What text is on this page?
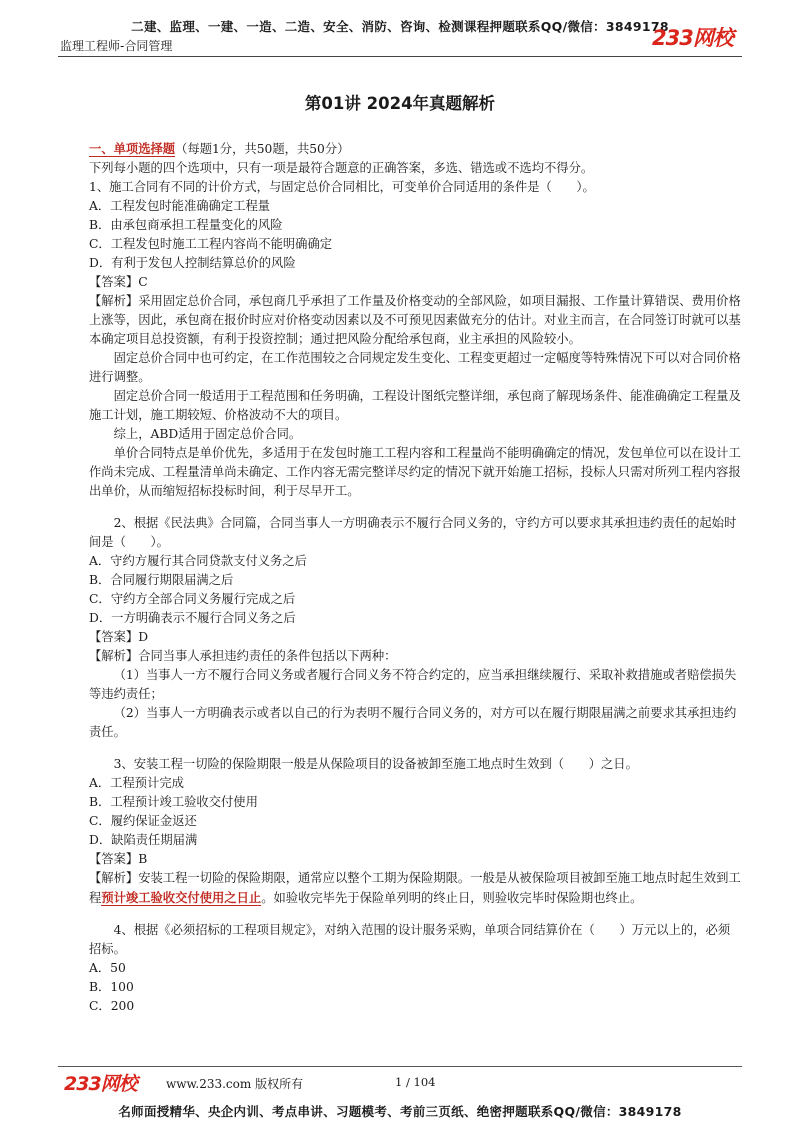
二建、监理、一建、一造、二造、安全、消防、咨询、检测课程押题联系QQ/微信：3849178
监理工程师-合同管理	233网校
第01讲 2024年真题解析

一、单项选择题（每题1分，共50题，共50分）

下列每小题的四个选项中，只有一项是最符合题意的正确答案，多选、错选或不选均不得分。

1、施工合同有不同的计价方式，与固定总价合同相比，可变单价合同适用的条件是（　　）。

A．工程发包时能准确确定工程量

B．由承包商承担工程量变化的风险

C．工程发包时施工工程内容尚不能明确确定

D．有利于发包人控制结算总价的风险

【答案】C

【解析】采用固定总价合同，承包商几乎承担了工作量及价格变动的全部风险，如项目漏报、工作量计算错误、费用价格上涨等，因此，承包商在报价时应对价格变动因素以及不可预见因素做充分的估计。对业主而言，在合同签订时就可以基本确定项目总投资额，有利于投资控制；通过把风险分配给承包商，业主承担的风险较小。

固定总价合同中也可约定，在工作范围较之合同规定发生变化、工程变更超过一定幅度等特殊情况下可以对合同价格进行调整。

固定总价合同一般适用于工程范围和任务明确，工程设计图纸完整详细，承包商了解现场条件、能准确确定工程量及施工计划，施工期较短、价格波动不大的项目。

综上，ABD适用于固定总价合同。

单价合同特点是单价优先，多适用于在发包时施工工程内容和工程量尚不能明确确定的情况，发包单位可以在设计工作尚未完成、工程量清单尚未确定、工作内容无需完整详尽约定的情况下就开始施工招标，投标人只需对所列工程内容报出单价，从而缩短招标投标时间，利于尽早开工。

2、根据《民法典》合同篇，合同当事人一方明确表示不履行合同义务的，守约方可以要求其承担违约责任的起始时间是（　　）。

A．守约方履行其合同贷款支付义务之后

B．合同履行期限届满之后

C．守约方全部合同义务履行完成之后

D．一方明确表示不履行合同义务之后

【答案】D

【解析】合同当事人承担违约责任的条件包括以下两种：

（1）当事人一方不履行合同义务或者履行合同义务不符合约定的，应当承担继续履行、采取补救措施或者赔偿损失等违约责任；

（2）当事人一方明确表示或者以自己的行为表明不履行合同义务的，对方可以在履行期限届满之前要求其承担违约责任。

3、安装工程一切险的保险期限一般是从保险项目的设备被卸至施工地点时生效到（　　）之日。

A．工程预计完成

B．工程预计竣工验收交付使用

C．履约保证金返还

D．缺陷责任期届满

【答案】B

【解析】安装工程一切险的保险期限，通常应以整个工期为保险期限。一般是从被保险项目被卸至施工地点时起生效到工程预计竣工验收交付使用之日止。如验收完毕先于保险单列明的终止日，则验收完毕时保险期也终止。

4、根据《必须招标的工程项目规定》，对纳入范围的设计服务采购，单项合同结算价在（　　）万元以上的，必须招标。

A．50

B．100

C．200

233网校 www.233.com 版权所有	1 / 104
名师面授精华、央企内训、考点串讲、习题模考、考前三页纸、绝密押题联系QQ/微信：3849178
